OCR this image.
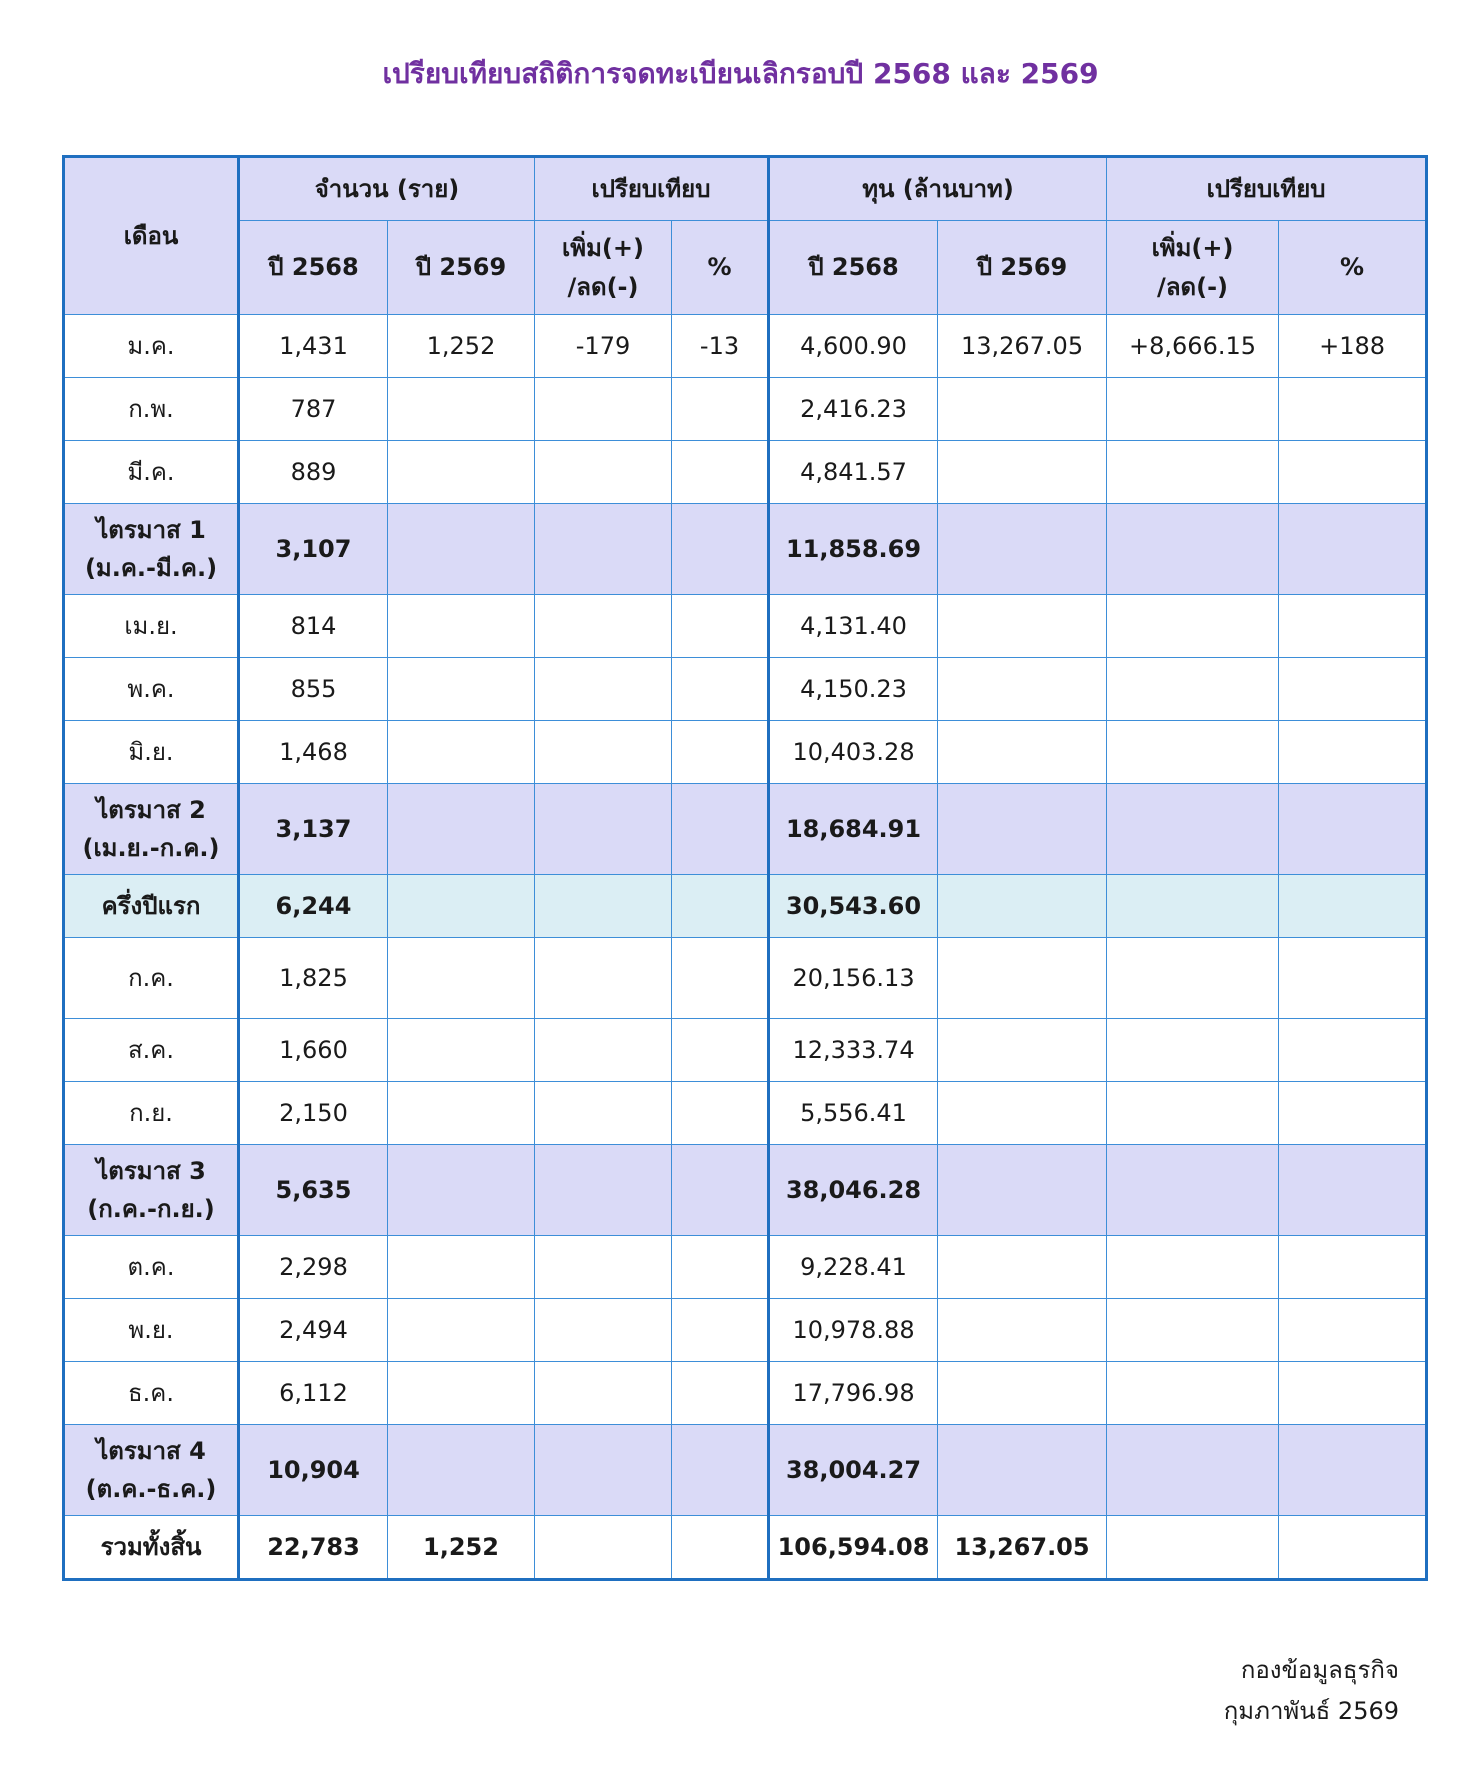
เปรียบเทียบสถิติการจดทะเบียนเลิกรอบปี 2568 และ 2569
เดือน	จำนวน (ราย)		เปรียบเทียบ		ทุน (ล้านบาท)		เปรียบเทียบ	
	ปี 2568	ปี 2569	เพิ่ม(+)
/ลด(-)	%	ปี 2568	ปี 2569	เพิ่ม(+)
/ลด(-)	%
ม.ค.	1,431	1,252	-179	-13	4,600.90	13,267.05	+8,666.15	+188
ก.พ.	787				2,416.23			
มี.ค.	889				4,841.57			
ไตรมาส 1
(ม.ค.-มี.ค.)	3,107				11,858.69			
เม.ย.	814				4,131.40			
พ.ค.	855				4,150.23			
มิ.ย.	1,468				10,403.28			
ไตรมาส 2
(เม.ย.-ก.ค.)	3,137				18,684.91			
ครึ่งปีแรก	6,244				30,543.60			
ก.ค.	1,825				20,156.13			
ส.ค.	1,660				12,333.74			
ก.ย.	2,150				5,556.41			
ไตรมาส 3
(ก.ค.-ก.ย.)	5,635				38,046.28			
ต.ค.	2,298				9,228.41			
พ.ย.	2,494				10,978.88			
ธ.ค.	6,112				17,796.98			
ไตรมาส 4
(ต.ค.-ธ.ค.)	10,904				38,004.27			
รวมทั้งสิ้น	22,783	1,252			106,594.08	13,267.05		
กองข้อมูลธุรกิจ
กุมภาพันธ์ 2569
